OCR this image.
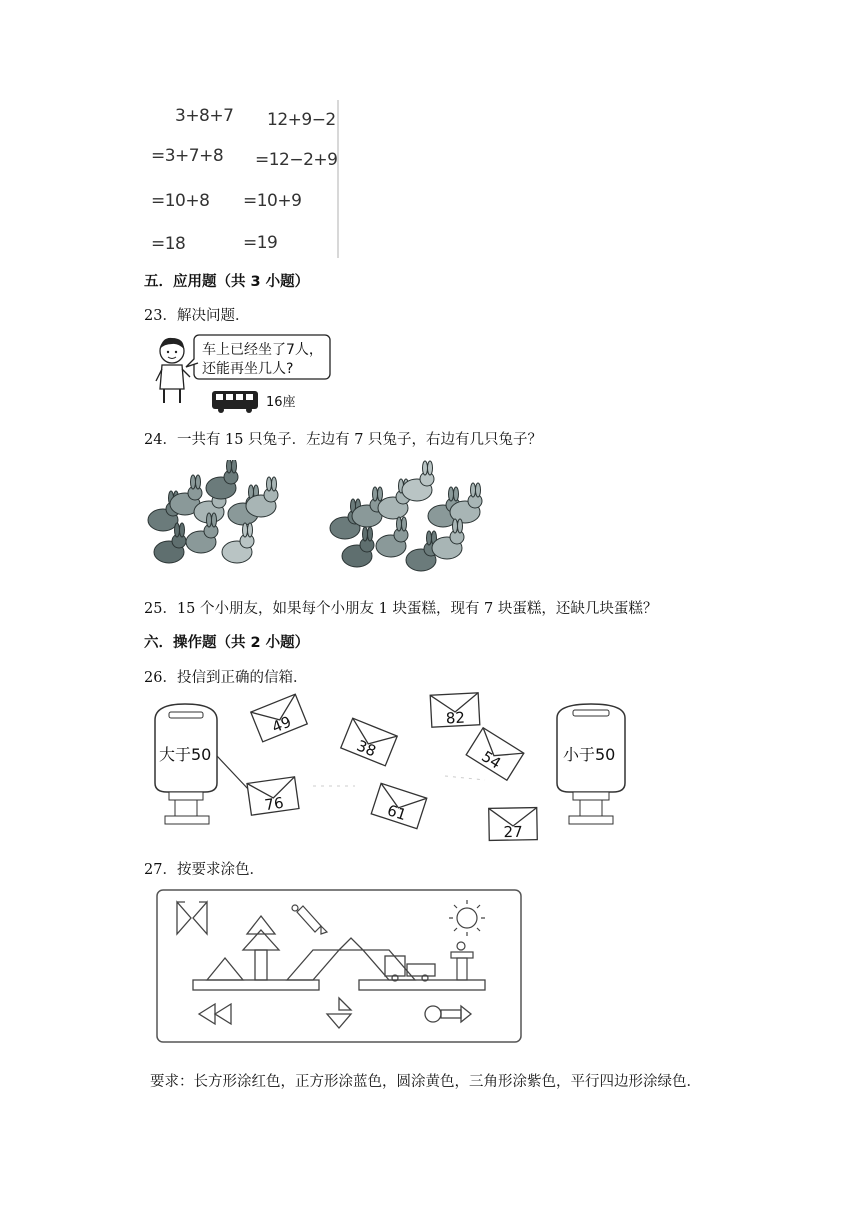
3+8+7
=3+7+8
=10+8
=18
12+9−2
=12−2+9
=10+9
=19
五．应用题（共 3 小题）
23．解决问题．
车上已经坐了7人，
还能再坐几人?
16座
24．一共有 15 只兔子．左边有 7 只兔子，右边有几只兔子？
25．15 个小朋友，如果每个小朋友 1 块蛋糕，现有 7 块蛋糕，还缺几块蛋糕？
六．操作题（共 2 小题）
26．投信到正确的信箱．
大于50	小于50
49
76
38
61
82
54
27
27．按要求涂色．
要求：长方形涂红色，正方形涂蓝色，圆涂黄色，三角形涂紫色，平行四边形涂绿色．
